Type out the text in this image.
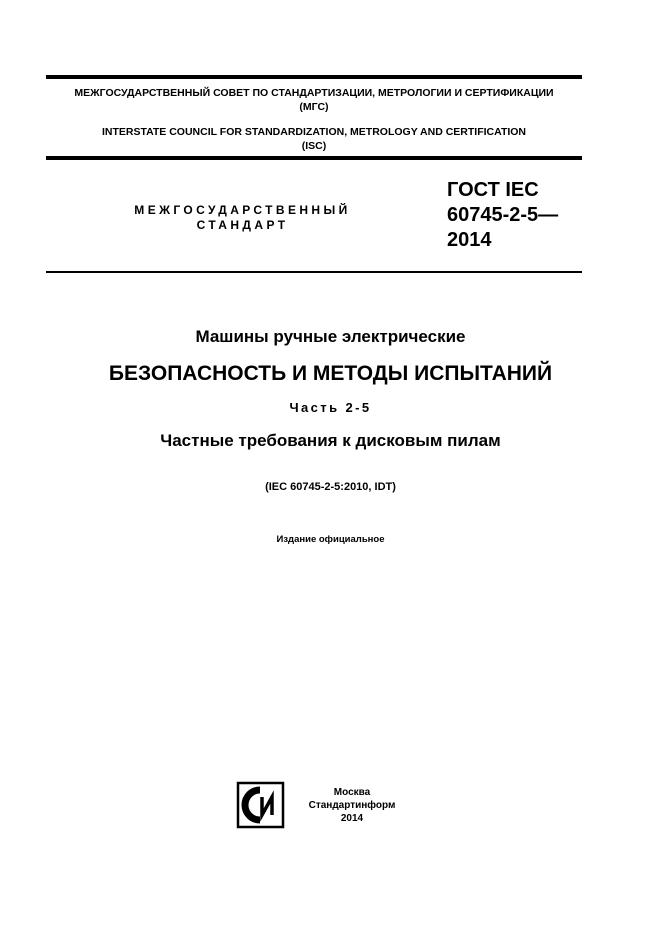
МЕЖГОСУДАРСТВЕННЫЙ СОВЕТ ПО СТАНДАРТИЗАЦИИ, МЕТРОЛОГИИ И СЕРТИФИКАЦИИ
(МГС)
INTERSTATE COUNCIL FOR STANDARDIZATION, METROLOGY AND CERTIFICATION
(ISC)
МЕЖГОСУДАРСТВЕННЫЙ
СТАНДАРТ
ГОСТ IEC
60745-2-5—
2014
Машины ручные электрические
БЕЗОПАСНОСТЬ И МЕТОДЫ ИСПЫТАНИЙ
Часть 2-5
Частные требования к дисковым пилам
(IEC 60745-2-5:2010, IDT)
Издание официальное
Москва
Стандартинформ
2014
